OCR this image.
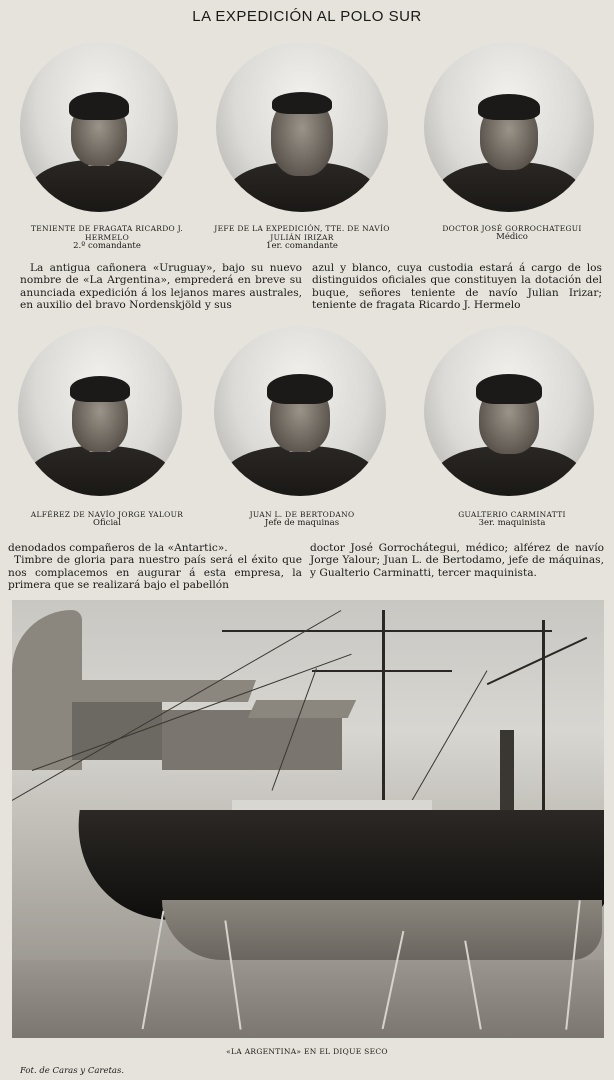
LA EXPEDICIÓN AL POLO SUR
TENIENTE DE FRAGATA RICARDO J.
HERMELO
2.º comandante
JEFE DE LA EXPEDICIÓN, TTE. DE NAVÍO
JULIÁN IRIZAR
1er. comandante
DOCTOR JOSÉ GORROCHATEGUI
Médico

La antigua cañonera «Uruguay», bajo su nuevo nombre de «La Argentina», emprederá en breve su anunciada expedición á los lejanos mares australes, en auxilio del bravo Nordenskjöld y sus

azul y blanco, cuya custodia estará á cargo de los distinguidos oficiales que constituyen la dotación del buque, señores teniente de navío Julian Irizar; teniente de fragata Ricardo J. Hermelo

ALFÉREZ DE NAVÍO JORGE YALOUR
Oficial
JUAN L. DE BERTODANO
Jefe de maquinas
GUALTERIO CARMINATTI
3er. maquinista
denodados compañeros de la «Antartic».
Timbre de gloria para nuestro país será el éxito que nos complacemos en augurar á esta empresa, la primera que se realizará bajo el pabellón

doctor José Gorrochátegui, médico; alférez de navío Jorge Yalour; Juan L. de Bertodamo, jefe de máquinas, y Gualterio Carminatti, tercer maquinista.

«LA ARGENTINA» EN EL DIQUE SECO
Fot. de Caras y Caretas.
